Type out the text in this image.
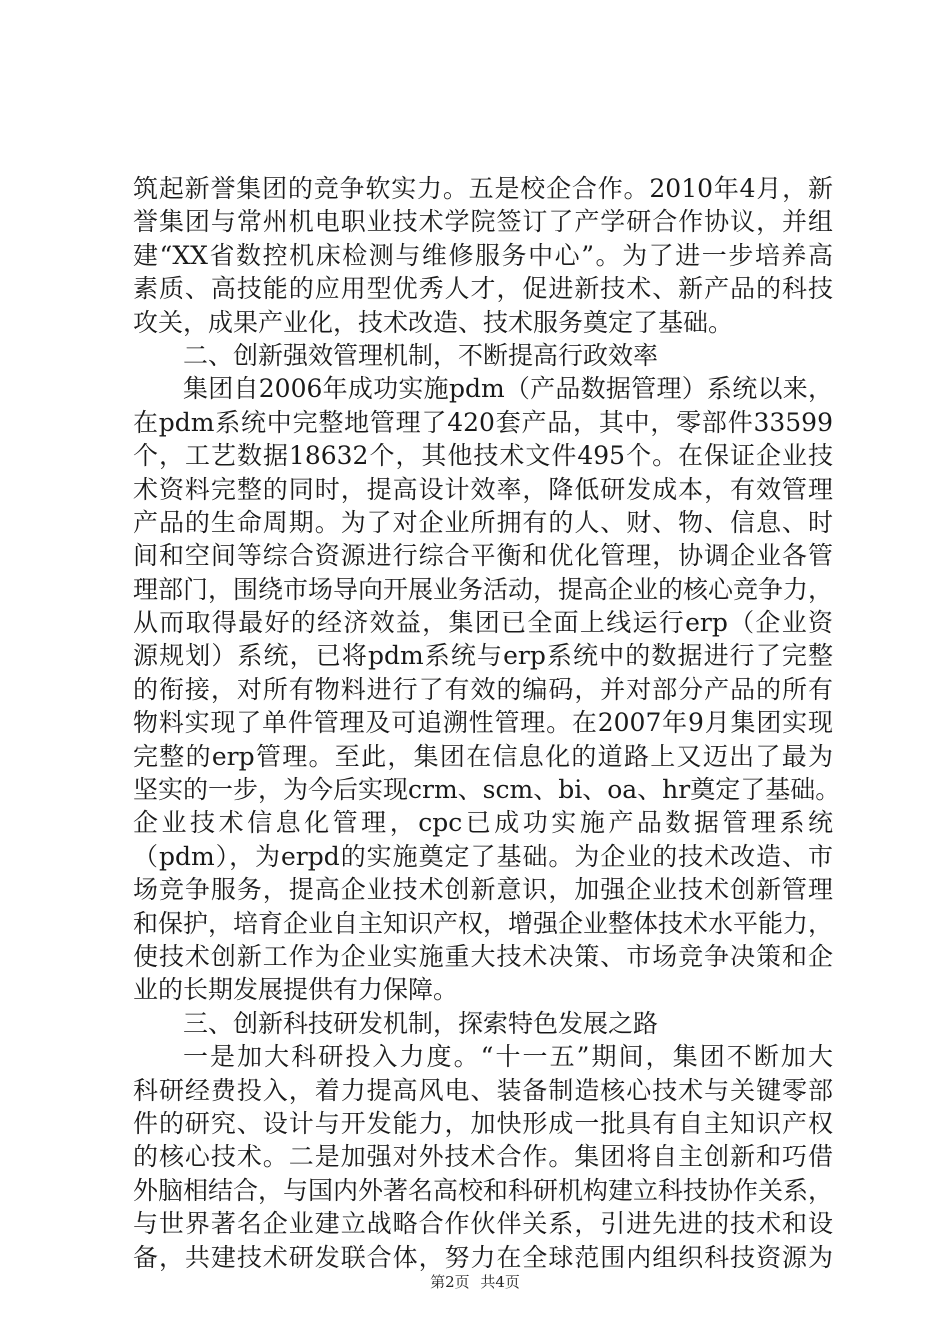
筑起新誉集团的竞争软实力。五是校企合作。2010年4月，新
誉集团与常州机电职业技术学院签订了产学研合作协议，并组
建“XX省数控机床检测与维修服务中心”。为了进一步培养高
素质、高技能的应用型优秀人才，促进新技术、新产品的科技
攻关，成果产业化，技术改造、技术服务奠定了基础。
二、创新强效管理机制，不断提高行政效率
集团自2006年成功实施pdm（产品数据管理）系统以来，
在pdm系统中完整地管理了420套产品，其中，零部件33599
个，工艺数据18632个，其他技术文件495个。在保证企业技
术资料完整的同时，提高设计效率，降低研发成本，有效管理
产品的生命周期。为了对企业所拥有的人、财、物、信息、时
间和空间等综合资源进行综合平衡和优化管理，协调企业各管
理部门，围绕市场导向开展业务活动，提高企业的核心竞争力，
从而取得最好的经济效益，集团已全面上线运行erp（企业资
源规划）系统，已将pdm系统与erp系统中的数据进行了完整
的衔接，对所有物料进行了有效的编码，并对部分产品的所有
物料实现了单件管理及可追溯性管理。在2007年9月集团实现
完整的erp管理。至此，集团在信息化的道路上又迈出了最为
坚实的一步，为今后实现crm、scm、bi、oa、hr奠定了基础。
企业技术信息化管理，cpc已成功实施产品数据管理系统
（pdm），为erpd的实施奠定了基础。为企业的技术改造、市
场竞争服务，提高企业技术创新意识，加强企业技术创新管理
和保护，培育企业自主知识产权，增强企业整体技术水平能力，
使技术创新工作为企业实施重大技术决策、市场竞争决策和企
业的长期发展提供有力保障。
三、创新科技研发机制，探索特色发展之路
一是加大科研投入力度。“十一五”期间，集团不断加大
科研经费投入，着力提高风电、装备制造核心技术与关键零部
件的研究、设计与开发能力，加快形成一批具有自主知识产权
的核心技术。二是加强对外技术合作。集团将自主创新和巧借
外脑相结合，与国内外著名高校和科研机构建立科技协作关系，
与世界著名企业建立战略合作伙伴关系，引进先进的技术和设
备，共建技术研发联合体，努力在全球范围内组织科技资源为
第2页 共4页
